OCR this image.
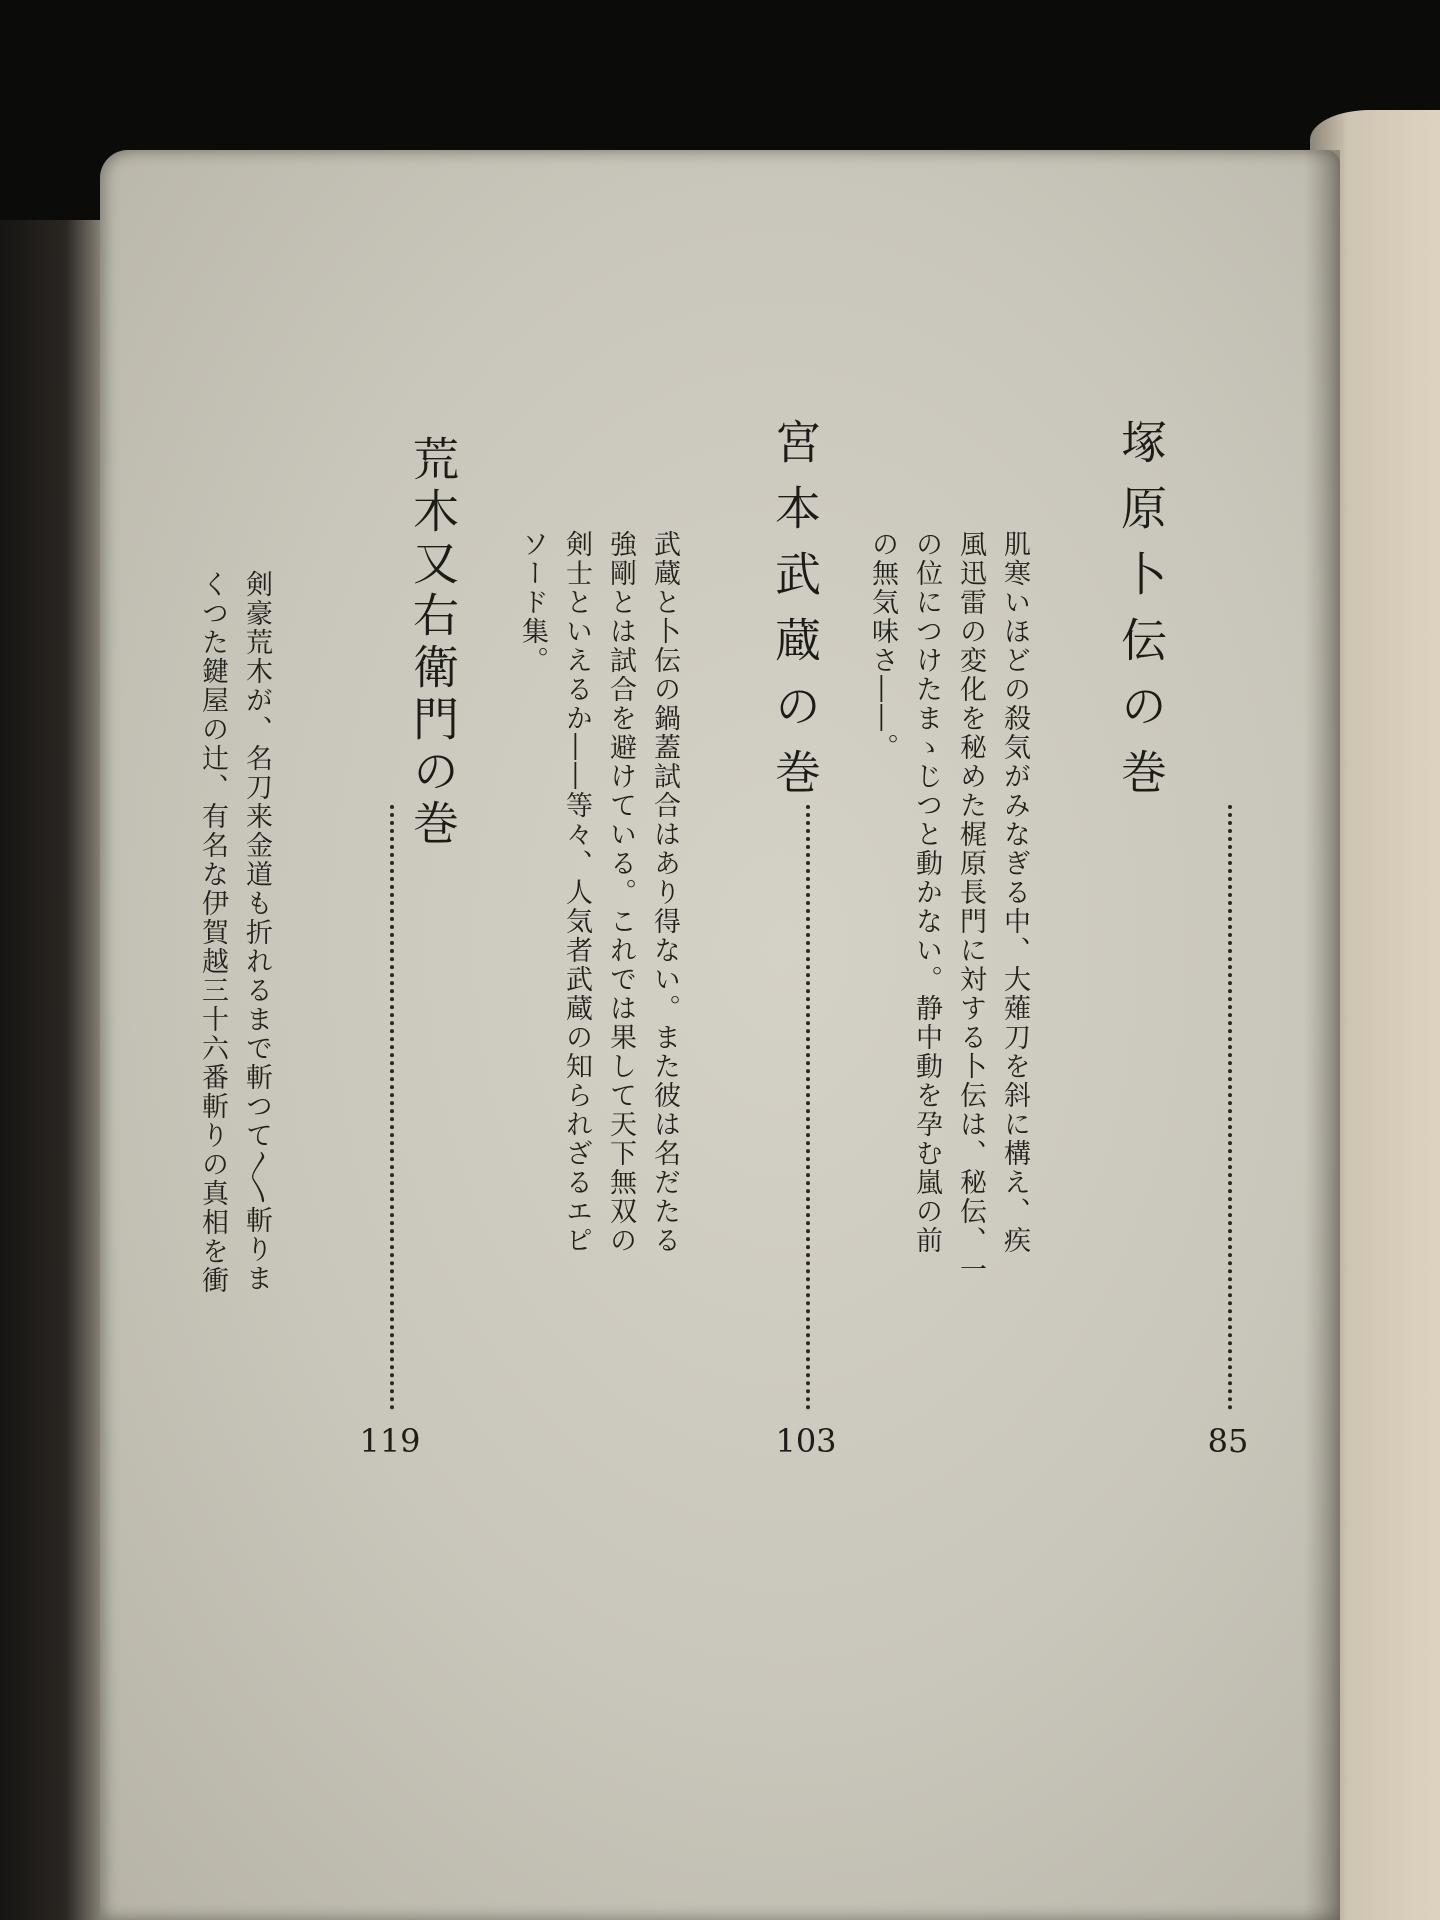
塚原卜伝の巻
85
肌寒いほどの殺気がみなぎる中、大薙刀を斜に構え、疾
風迅雷の変化を秘めた梶原長門に対する卜伝は、秘伝、一
の位につけたまゝじつと動かない。静中動を孕む嵐の前
の無気味さ――。
宮本武蔵の巻
103
武蔵と卜伝の鍋蓋試合はあり得ない。また彼は名だたる
強剛とは試合を避けている。これでは果して天下無双の
剣士といえるか――等々、人気者武蔵の知られざるエピ
ソード集。
荒木又右衛門の巻
119
剣豪荒木が、名刀来金道も折れるまで斬つて〳〵斬りま
くつた鍵屋の辻、有名な伊賀越三十六番斬りの真相を衝
